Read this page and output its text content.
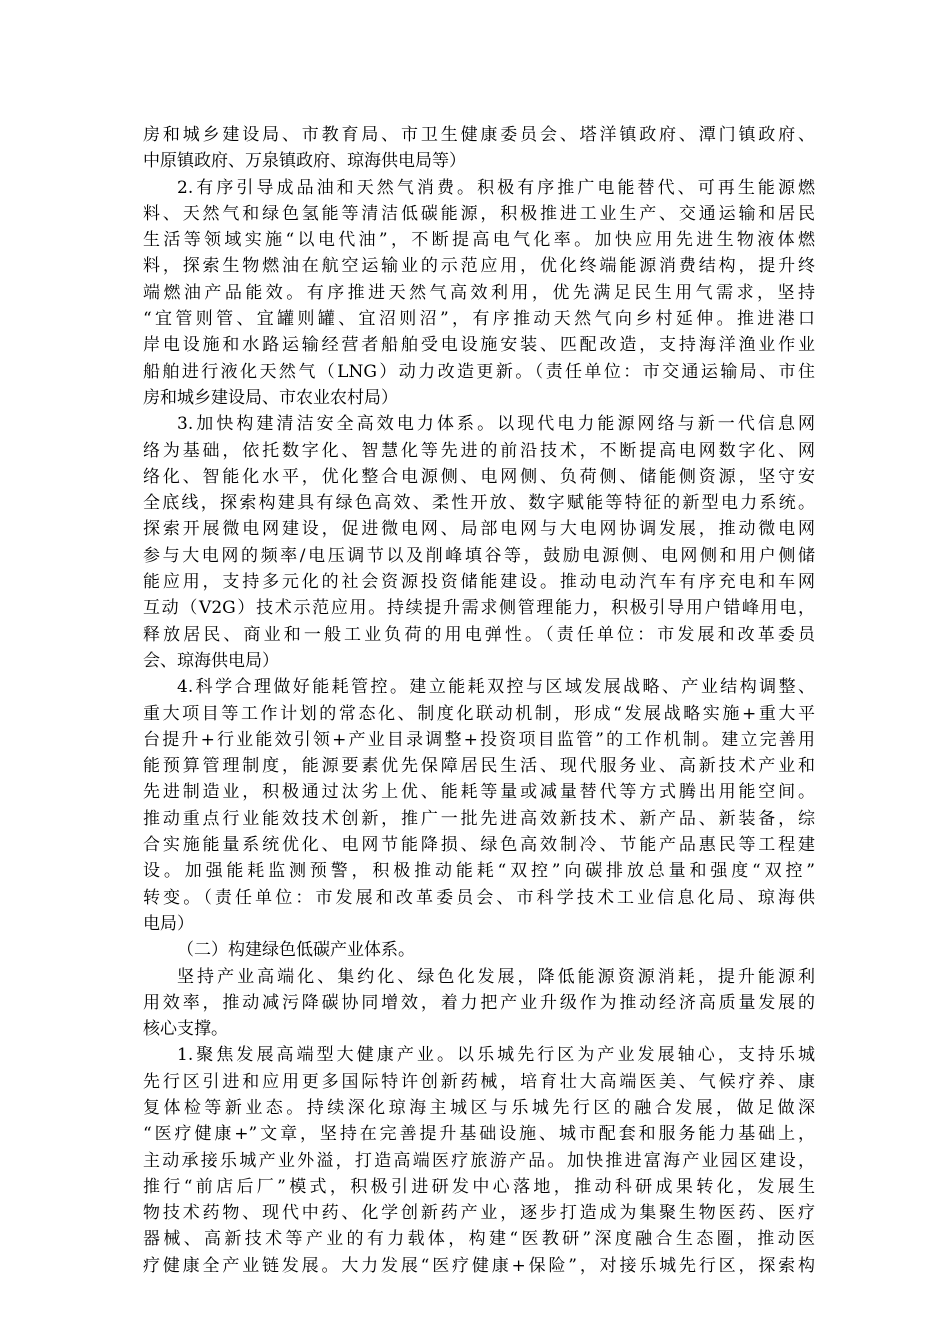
房和城乡建设局、市教育局、市卫生健康委员会、塔洋镇政府、潭门镇政府、
中原镇政府、万泉镇政府、琼海供电局等）
2.有序引导成品油和天然气消费。积极有序推广电能替代、可再生能源燃
料、天然气和绿色氢能等清洁低碳能源，积极推进工业生产、交通运输和居民
生活等领域实施“以电代油”，不断提高电气化率。加快应用先进生物液体燃
料，探索生物燃油在航空运输业的示范应用，优化终端能源消费结构，提升终
端燃油产品能效。有序推进天然气高效利用，优先满足民生用气需求，坚持
“宜管则管、宜罐则罐、宜沼则沼”，有序推动天然气向乡村延伸。推进港口
岸电设施和水路运输经营者船舶受电设施安装、匹配改造，支持海洋渔业作业
船舶进行液化天然气（LNG）动力改造更新。（责任单位：市交通运输局、市住
房和城乡建设局、市农业农村局）
3.加快构建清洁安全高效电力体系。以现代电力能源网络与新一代信息网
络为基础，依托数字化、智慧化等先进的前沿技术，不断提高电网数字化、网
络化、智能化水平，优化整合电源侧、电网侧、负荷侧、储能侧资源，坚守安
全底线，探索构建具有绿色高效、柔性开放、数字赋能等特征的新型电力系统。
探索开展微电网建设，促进微电网、局部电网与大电网协调发展，推动微电网
参与大电网的频率/电压调节以及削峰填谷等，鼓励电源侧、电网侧和用户侧储
能应用，支持多元化的社会资源投资储能建设。推动电动汽车有序充电和车网
互动（V2G）技术示范应用。持续提升需求侧管理能力，积极引导用户错峰用电，
释放居民、商业和一般工业负荷的用电弹性。（责任单位：市发展和改革委员
会、琼海供电局）
4.科学合理做好能耗管控。建立能耗双控与区域发展战略、产业结构调整、
重大项目等工作计划的常态化、制度化联动机制，形成“发展战略实施+重大平
台提升+行业能效引领+产业目录调整+投资项目监管”的工作机制。建立完善用
能预算管理制度，能源要素优先保障居民生活、现代服务业、高新技术产业和
先进制造业，积极通过汰劣上优、能耗等量或减量替代等方式腾出用能空间。
推动重点行业能效技术创新，推广一批先进高效新技术、新产品、新装备，综
合实施能量系统优化、电网节能降损、绿色高效制冷、节能产品惠民等工程建
设。加强能耗监测预警，积极推动能耗“双控”向碳排放总量和强度“双控”
转变。（责任单位：市发展和改革委员会、市科学技术工业信息化局、琼海供
电局）
（二）构建绿色低碳产业体系。
坚持产业高端化、集约化、绿色化发展，降低能源资源消耗，提升能源利
用效率，推动减污降碳协同增效，着力把产业升级作为推动经济高质量发展的
核心支撑。
1.聚焦发展高端型大健康产业。以乐城先行区为产业发展轴心，支持乐城
先行区引进和应用更多国际特许创新药械，培育壮大高端医美、气候疗养、康
复体检等新业态。持续深化琼海主城区与乐城先行区的融合发展，做足做深
“医疗健康+”文章，坚持在完善提升基础设施、城市配套和服务能力基础上，
主动承接乐城产业外溢，打造高端医疗旅游产品。加快推进富海产业园区建设，
推行“前店后厂”模式，积极引进研发中心落地，推动科研成果转化，发展生
物技术药物、现代中药、化学创新药产业，逐步打造成为集聚生物医药、医疗
器械、高新技术等产业的有力载体，构建“医教研”深度融合生态圈，推动医
疗健康全产业链发展。大力发展“医疗健康+保险”，对接乐城先行区，探索构
